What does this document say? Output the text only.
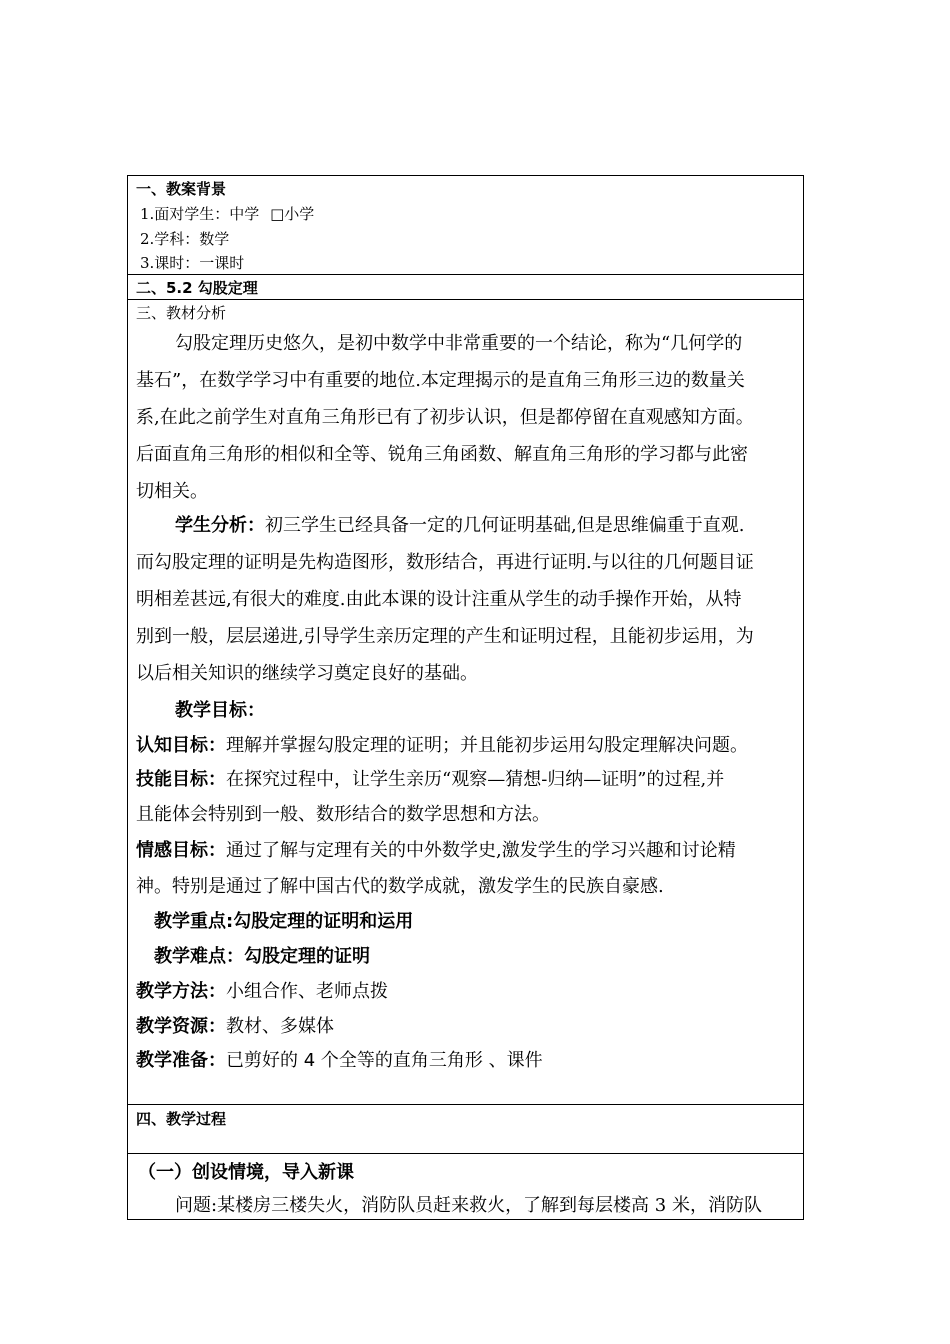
一、教案背景
1.面对学生：中学 □小学
2.学科：数学
3.课时：一课时
二、5.2 勾股定理
三、教材分析
勾股定理历史悠久，是初中数学中非常重要的一个结论，称为“几何学的
基石”，在数学学习中有重要的地位.本定理揭示的是直角三角形三边的数量关
系,在此之前学生对直角三角形已有了初步认识，但是都停留在直观感知方面。
后面直角三角形的相似和全等、锐角三角函数、解直角三角形的学习都与此密
切相关。
学生分析：初三学生已经具备一定的几何证明基础,但是思维偏重于直观.
而勾股定理的证明是先构造图形，数形结合，再进行证明.与以往的几何题目证
明相差甚远,有很大的难度.由此本课的设计注重从学生的动手操作开始，从特
别到一般，层层递进,引导学生亲历定理的产生和证明过程，且能初步运用，为
以后相关知识的继续学习奠定良好的基础。
教学目标：
认知目标：理解并掌握勾股定理的证明；并且能初步运用勾股定理解决问题。
技能目标：在探究过程中，让学生亲历“观察—猜想-归纳—证明”的过程,并
且能体会特别到一般、数形结合的数学思想和方法。
情感目标：通过了解与定理有关的中外数学史,激发学生的学习兴趣和讨论精
神。特别是通过了解中国古代的数学成就，激发学生的民族自豪感.
教学重点:勾股定理的证明和运用
教学难点：勾股定理的证明
教学方法：小组合作、老师点拨
教学资源：教材、多媒体
教学准备：已剪好的 4 个全等的直角三角形 、课件
四、教学过程
（一）创设情境，导入新课
问题:某楼房三楼失火，消防队员赶来救火，了解到每层楼高 3 米，消防队
